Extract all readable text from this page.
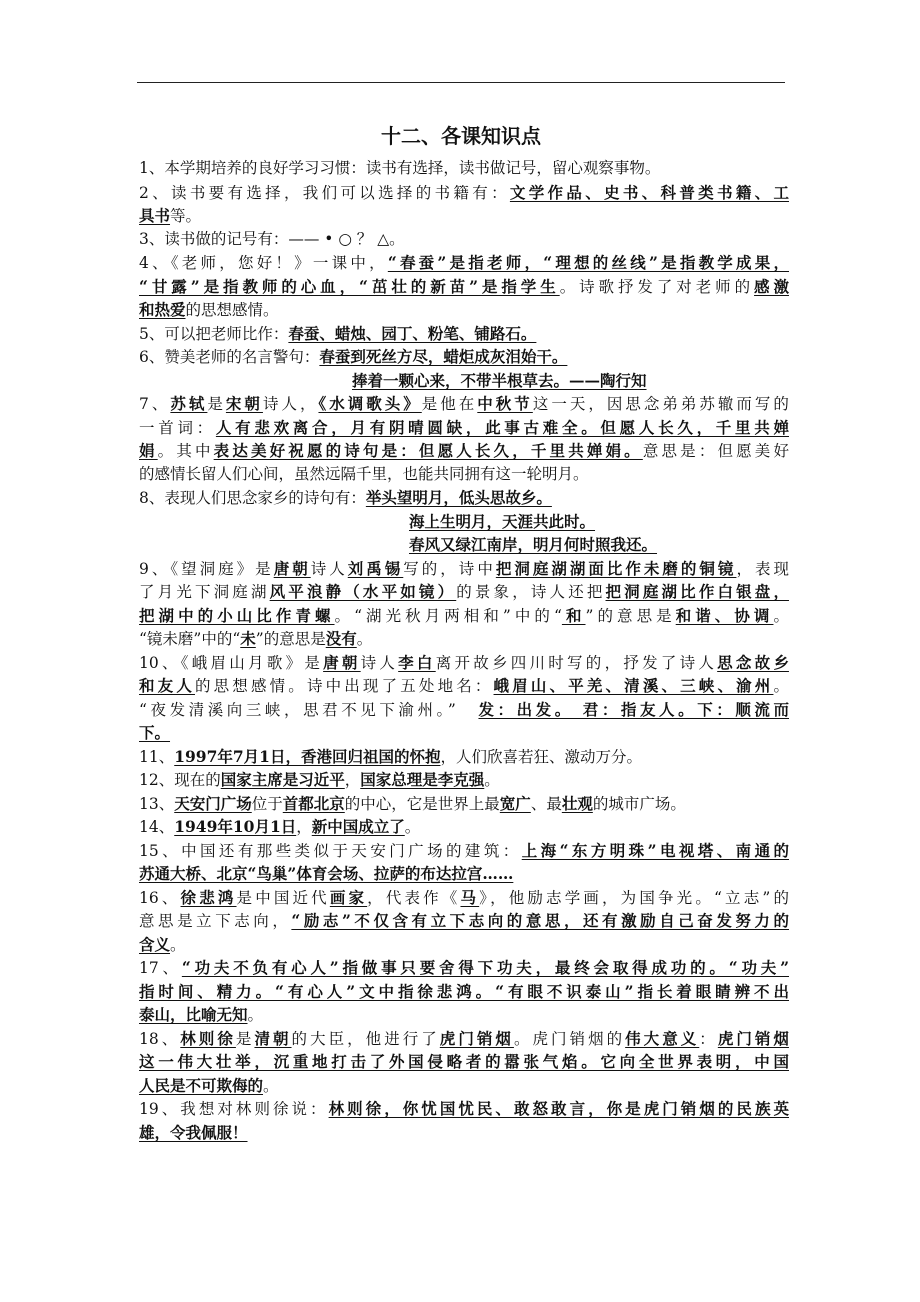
十二、各课知识点
1、本学期培养的良好学习习惯：读书有选择，读书做记号，留心观察事物。
2、读书要有选择，我们可以选择的书籍有：文学作品、史书、科普类书籍、工
具书等。
3、读书做的记号有：—— • ○ ？ △。
4、《老师，您好！》一课中，“春蚕”是指老师，“理想的丝线”是指教学成果，
“甘露”是指教师的心血，“茁壮的新苗”是指学生。诗歌抒发了对老师的感激
和热爱的思想感情。
5、可以把老师比作：春蚕、蜡烛、园丁、粉笔、铺路石。
6、赞美老师的名言警句：春蚕到死丝方尽，蜡炬成灰泪始干。
捧着一颗心来，不带半根草去。——陶行知
7、苏轼是宋朝诗人，《水调歌头》是他在中秋节这一天，因思念弟弟苏辙而写的
一首词：人有悲欢离合，月有阴晴圆缺，此事古难全。但愿人长久，千里共婵
娟。其中表达美好祝愿的诗句是：但愿人长久，千里共婵娟。意思是：但愿美好
的感情长留人们心间，虽然远隔千里，也能共同拥有这一轮明月。
8、表现人们思念家乡的诗句有：举头望明月，低头思故乡。
海上生明月，天涯共此时。
春风又绿江南岸，明月何时照我还。
9、《望洞庭》是唐朝诗人刘禹锡写的，诗中把洞庭湖湖面比作未磨的铜镜，表现
了月光下洞庭湖风平浪静（水平如镜）的景象，诗人还把把洞庭湖比作白银盘，
把湖中的小山比作青螺。“湖光秋月两相和”中的“和”的意思是和谐、协调。
“镜未磨”中的“未”的意思是没有。
10、《峨眉山月歌》是唐朝诗人李白离开故乡四川时写的，抒发了诗人思念故乡
和友人的思想感情。诗中出现了五处地名：峨眉山、平羌、清溪、三峡、渝州。
“夜发清溪向三峡，思君不见下渝州。”　发：出发。 君：指友人。下：顺流而
下。
11、1997年7月1日，香港回归祖国的怀抱，人们欣喜若狂、激动万分。
12、现在的国家主席是习近平，国家总理是李克强。
13、天安门广场位于首都北京的中心，它是世界上最宽广、最壮观的城市广场。
14、1949年10月1日，新中国成立了。
15、中国还有那些类似于天安门广场的建筑：上海“东方明珠”电视塔、南通的
苏通大桥、北京“鸟巢”体育会场、拉萨的布达拉宫……
16、徐悲鸿是中国近代画家，代表作《马》，他励志学画，为国争光。“立志”的
意思是立下志向，“励志”不仅含有立下志向的意思，还有激励自己奋发努力的
含义。
17、“功夫不负有心人”指做事只要舍得下功夫，最终会取得成功的。“功夫”
指时间、精力。“有心人”文中指徐悲鸿。“有眼不识泰山”指长着眼睛辨不出
泰山，比喻无知。
18、林则徐是清朝的大臣，他进行了虎门销烟。虎门销烟的伟大意义：虎门销烟
这一伟大壮举，沉重地打击了外国侵略者的嚣张气焰。它向全世界表明，中国
人民是不可欺侮的。
19、我想对林则徐说：林则徐，你忧国忧民、敢怒敢言，你是虎门销烟的民族英
雄，令我佩服！
